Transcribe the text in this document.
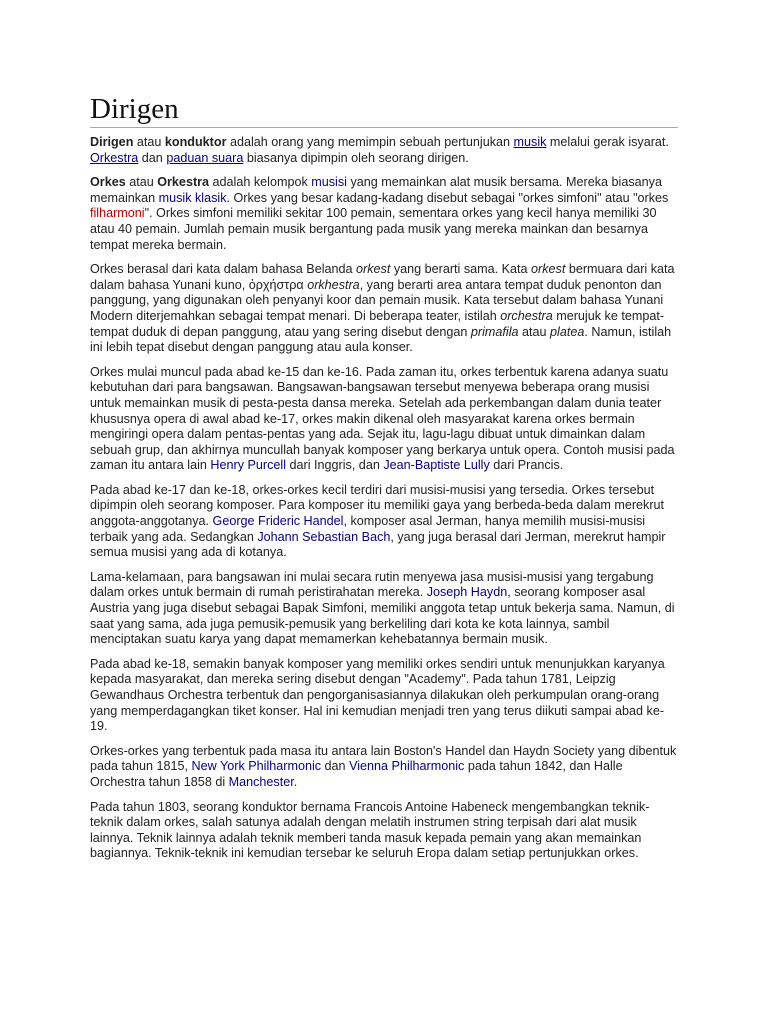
Dirigen

Dirigen atau konduktor adalah orang yang memimpin sebuah pertunjukan musik melalui gerak isyarat. Orkestra dan paduan suara biasanya dipimpin oleh seorang dirigen.

Orkes atau Orkestra adalah kelompok musisi yang memainkan alat musik bersama. Mereka biasanya memainkan musik klasik. Orkes yang besar kadang-kadang disebut sebagai "orkes simfoni" atau "orkes filharmoni". Orkes simfoni memiliki sekitar 100 pemain, sementara orkes yang kecil hanya memiliki 30 atau 40 pemain. Jumlah pemain musik bergantung pada musik yang mereka mainkan dan besarnya tempat mereka bermain.

Orkes berasal dari kata dalam bahasa Belanda orkest yang berarti sama. Kata orkest bermuara dari kata dalam bahasa Yunani kuno, ὀρχήστρα orkhestra, yang berarti area antara tempat duduk penonton dan panggung, yang digunakan oleh penyanyi koor dan pemain musik. Kata tersebut dalam bahasa Yunani Modern diterjemahkan sebagai tempat menari. Di beberapa teater, istilah orchestra merujuk ke tempat-tempat duduk di depan panggung, atau yang sering disebut dengan primafila atau platea. Namun, istilah ini lebih tepat disebut dengan panggung atau aula konser.

Orkes mulai muncul pada abad ke-15 dan ke-16. Pada zaman itu, orkes terbentuk karena adanya suatu kebutuhan dari para bangsawan. Bangsawan-bangsawan tersebut menyewa beberapa orang musisi untuk memainkan musik di pesta-pesta dansa mereka. Setelah ada perkembangan dalam dunia teater khususnya opera di awal abad ke-17, orkes makin dikenal oleh masyarakat karena orkes bermain mengiringi opera dalam pentas-pentas yang ada. Sejak itu, lagu-lagu dibuat untuk dimainkan dalam sebuah grup, dan akhirnya muncullah banyak komposer yang berkarya untuk opera. Contoh musisi pada zaman itu antara lain Henry Purcell dari Inggris, dan Jean-Baptiste Lully dari Prancis.

Pada abad ke-17 dan ke-18, orkes-orkes kecil terdiri dari musisi-musisi yang tersedia. Orkes tersebut dipimpin oleh seorang komposer. Para komposer itu memiliki gaya yang berbeda-beda dalam merekrut anggota-anggotanya. George Frideric Handel, komposer asal Jerman, hanya memilih musisi-musisi terbaik yang ada. Sedangkan Johann Sebastian Bach, yang juga berasal dari Jerman, merekrut hampir semua musisi yang ada di kotanya.

Lama-kelamaan, para bangsawan ini mulai secara rutin menyewa jasa musisi-musisi yang tergabung dalam orkes untuk bermain di rumah peristirahatan mereka. Joseph Haydn, seorang komposer asal Austria yang juga disebut sebagai Bapak Simfoni, memiliki anggota tetap untuk bekerja sama. Namun, di saat yang sama, ada juga pemusik-pemusik yang berkeliling dari kota ke kota lainnya, sambil menciptakan suatu karya yang dapat memamerkan kehebatannya bermain musik.

Pada abad ke-18, semakin banyak komposer yang memiliki orkes sendiri untuk menunjukkan karyanya kepada masyarakat, dan mereka sering disebut dengan "Academy". Pada tahun 1781, Leipzig Gewandhaus Orchestra terbentuk dan pengorganisasiannya dilakukan oleh perkumpulan orang-orang yang memperdagangkan tiket konser. Hal ini kemudian menjadi tren yang terus diikuti sampai abad ke-19.

Orkes-orkes yang terbentuk pada masa itu antara lain Boston's Handel dan Haydn Society yang dibentuk pada tahun 1815, New York Philharmonic dan Vienna Philharmonic pada tahun 1842, dan Halle Orchestra tahun 1858 di Manchester.

Pada tahun 1803, seorang konduktor bernama Francois Antoine Habeneck mengembangkan teknik-teknik dalam orkes, salah satunya adalah dengan melatih instrumen string terpisah dari alat musik lainnya. Teknik lainnya adalah teknik memberi tanda masuk kepada pemain yang akan memainkan bagiannya. Teknik-teknik ini kemudian tersebar ke seluruh Eropa dalam setiap pertunjukkan orkes.
